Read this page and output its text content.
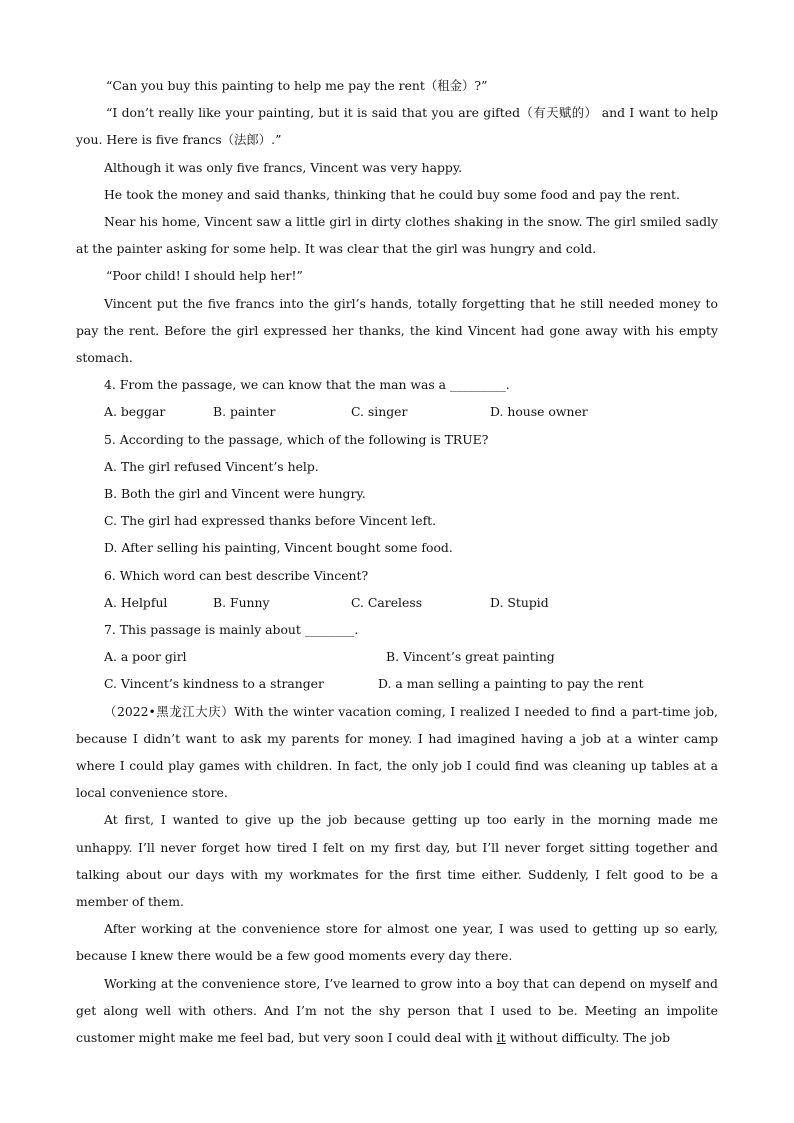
“Can you buy this painting to help me pay the rent（租金）?”

“I don’t really like your painting, but it is said that you are gifted（有天赋的） and I want to help you. Here is five francs（法郎）.”

Although it was only five francs, Vincent was very happy.

He took the money and said thanks, thinking that he could buy some food and pay the rent.

Near his home, Vincent saw a little girl in dirty clothes shaking in the snow. The girl smiled sadly at the painter asking for some help. It was clear that the girl was hungry and cold.

“Poor child! I should help her!”

Vincent put the five francs into the girl’s hands, totally forgetting that he still needed money to pay the rent. Before the girl expressed her thanks, the kind Vincent had gone away with his empty stomach.

4. From the passage, we can know that the man was a _________.
A. beggar	B. painter	C. singer	D. house owner
5. According to the passage, which of the following is TRUE?
A. The girl refused Vincent’s help.
B. Both the girl and Vincent were hungry.
C. The girl had expressed thanks before Vincent left.
D. After selling his painting, Vincent bought some food.
6. Which word can best describe Vincent?
A. Helpful	B. Funny	C. Careless	D. Stupid
7. This passage is mainly about ________.
A. a poor girl	B. Vincent’s great painting
C. Vincent’s kindness to a stranger	D. a man selling a painting to pay the rent

（2022•黑龙江大庆）With the winter vacation coming, I realized I needed to find a part-time job, because I didn’t want to ask my parents for money. I had imagined having a job at a winter camp where I could play games with children. In fact, the only job I could find was cleaning up tables at a local convenience store.

At first, I wanted to give up the job because getting up too early in the morning made me unhappy. I’ll never forget how tired I felt on my first day, but I’ll never forget sitting together and talking about our days with my workmates for the first time either. Suddenly, I felt good to be a member of them.

After working at the convenience store for almost one year, I was used to getting up so early, because I knew there would be a few good moments every day there.

Working at the convenience store, I’ve learned to grow into a boy that can depend on myself and get along well with others. And I’m not the shy person that I used to be. Meeting an impolite customer might make me feel bad, but very soon I could deal with it without difficulty. The job
